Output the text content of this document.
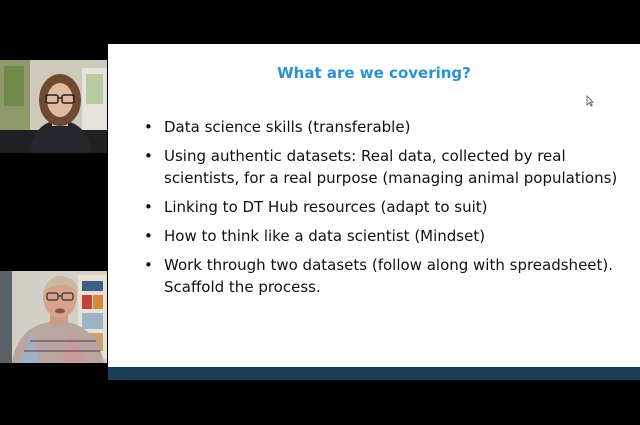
What are we covering?
• Data science skills (transferable)
• Using authentic datasets: Real data, collected by real scientists, for a real purpose (managing animal populations)
• Linking to DT Hub resources (adapt to suit)
• How to think like a data scientist (Mindset)
• Work through two datasets (follow along with spreadsheet). Scaffold the process.
